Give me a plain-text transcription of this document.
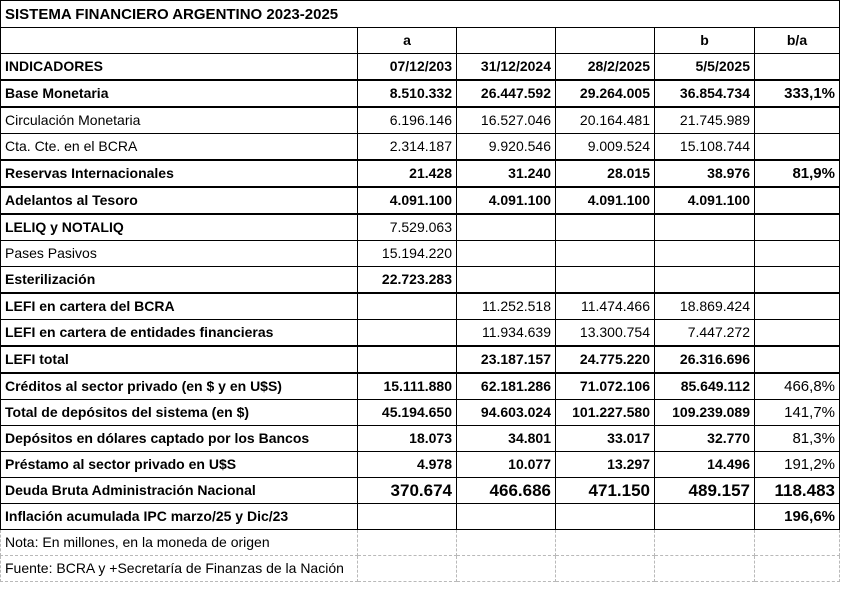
SISTEMA FINANCIERO ARGENTINO 2023-2025					
	a			b	b/a
INDICADORES	07/12/203	31/12/2024	28/2/2025	5/5/2025	
Base Monetaria	8.510.332	26.447.592	29.264.005	36.854.734	333,1%
Circulación Monetaria	6.196.146	16.527.046	20.164.481	21.745.989	
Cta. Cte. en el BCRA	2.314.187	9.920.546	9.009.524	15.108.744	
Reservas Internacionales	21.428	31.240	28.015	38.976	81,9%
Adelantos al Tesoro	4.091.100	4.091.100	4.091.100	4.091.100	
LELIQ y NOTALIQ	7.529.063				
Pases Pasivos	15.194.220				
Esterilización	22.723.283				
LEFI en cartera del BCRA		11.252.518	11.474.466	18.869.424	
LEFI en cartera de entidades financieras		11.934.639	13.300.754	7.447.272	
LEFI total		23.187.157	24.775.220	26.316.696	
Créditos al sector privado (en $ y en U$S)	15.111.880	62.181.286	71.072.106	85.649.112	466,8%
Total de depósitos del sistema (en $)	45.194.650	94.603.024	101.227.580	109.239.089	141,7%
Depósitos en dólares captado por los Bancos	18.073	34.801	33.017	32.770	81,3%
Préstamo al sector privado en U$S	4.978	10.077	13.297	14.496	191,2%
Deuda Bruta Administración Nacional	370.674	466.686	471.150	489.157	118.483
Inflación acumulada IPC marzo/25 y Dic/23					196,6%
Nota: En millones, en la moneda de origen					
Fuente: BCRA y +Secretaría de Finanzas de la Nación					
